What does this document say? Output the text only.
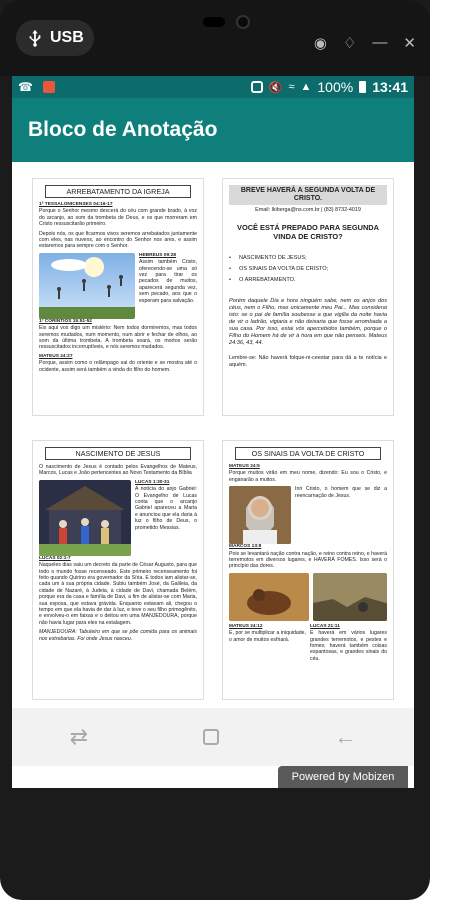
USB	◉ ♢ — ✕
☎	🔇 ≈ ▲ 100% 13:41
Bloco de Anotação
ARREBATAMENTO DA IGREJA
1ª TESSALONICENSES 04:16-17
Porque o Senhor mesmo descerá do céu com grande brado, à voz do arcanjo, ao som da trombeta de Deus, e os que morreram em Cristo ressuscitarão primeiro.
Depois nós, os que ficarmos vivos seremos arrebatados juntamente com eles, nas nuvens, ao encontro do Senhor nos ares, e assim estaremos para sempre com o Senhor.
HEBREUS 09:28
Assim também Cristo, oferecendo-se uma só vez para tirar os pecados de muitos, aparecerá segunda vez, sem pecado, aos que o esperam para salvação.
1ª CORÍNTIOS 15:51-52
Eis aqui vos digo um mistério: Nem todos dormiremos, mas todos seremos mudados, num momento, num abrir e fechar de olhos, ao som da última trombeta. A trombeta soará, os mortos serão ressuscitados incorruptíveis, e nós seremos mudados.
MATEUS 24:27
Porque, assim como o relâmpago sai do oriente e se mostra até o ocidente, assim será também a vinda do filho do homem.
BREVE HAVERÁ A SEGUNDA VOLTA DE CRISTO.
Email: lkiberga@ns.com.br | (83) 8732-4019
VOCÊ ESTÁ PREPADO PARA SEGUNDA VINDA DE CRISTO?
• NASCIMENTO DE JESUS;
• OS SINAIS DA VOLTA DE CRISTO;
• O ARREBATAMENTO.
Porém daquele Dia e hora ninguém sabe, nem os anjos dos céus, nem o Filho, mas unicamente meu Pai... Mas considerai isto: se o pai de família soubesse a que vigília da noite havia de vir o ladrão, vigiaria e não deixaria que fosse arrombada a sua casa. Por isso, estai vós apercebidos também, porque o Filho do Homem há de vir à hora em que não penseis. Mateus 24:36, 43, 44.
Lembre-se: Não haverá folque-ni-ceestar para dá a te notícia e aquém.
NASCIMENTO DE JESUS
O nascimento de Jesus é contado pelos Evangelhos de Mateus, Marcos, Lucas e João pertencentes ao Novo Testamento da Bíblia
LUCAS 1:30-31
A notícia do anjo Gabriel: O Evangelho de Lucas conta que o arcanjo Gabriel apareceu a Maria e anunciou que ela daria à luz o filho de Deus, o prometido Messias.
LUCAS 02:1-7
Naqueles dias saiu um decreto da parte de César Augusto, para que todo o mundo fosse recenseado. Este primeiro recenseamento foi feito quando Quirino era governador da Síria. E todos iam alistar-se, cada um à sua própria cidade. Subiu também José, da Galileia, da cidade de Nazaré, à Judeia, à cidade de Davi, chamada Belém, porque era da casa e família de Davi, a fim de alistar-se com Maria, sua esposa, que estava grávida. Enquanto estavam ali, chegou o tempo em que ela havia de dar à luz, e teve o seu filho primogênito, e envolveu-o em faixas e o deitou em uma MANJEDOURA, porque não havia lugar para eles na estalagem.
MANJEDOURA: Tabuleiro em que se põe comida para os animais nos estrebarias. Foi onde Jesus nasceu.
OS SINAIS DA VOLTA DE CRISTO
MATEUS 24:5
Porque muitos virão em meu nome, dizendo: Eu sou o Cristo, e enganarão a muitos.
Inri Cristo, o homem que se diz a reencarnação de Jesus.
MARCOS 13:8
Pois se levantará nação contra nação, e reino contra reino, e haverá terremotos em diversos lugares, e HAVERÁ FOMES. Isso será o princípio das dores.
MATEUS 24:12
E, por se multiplicar a iniquidade, o amor de muitos esfriará.
LUCAS 21:11
E haverá em vários lugares grandes terremotos, e pestes e fomes; haverá também coisas espantosas, e grandes sinais do céu.
⇄	←
Powered by Mobizen
